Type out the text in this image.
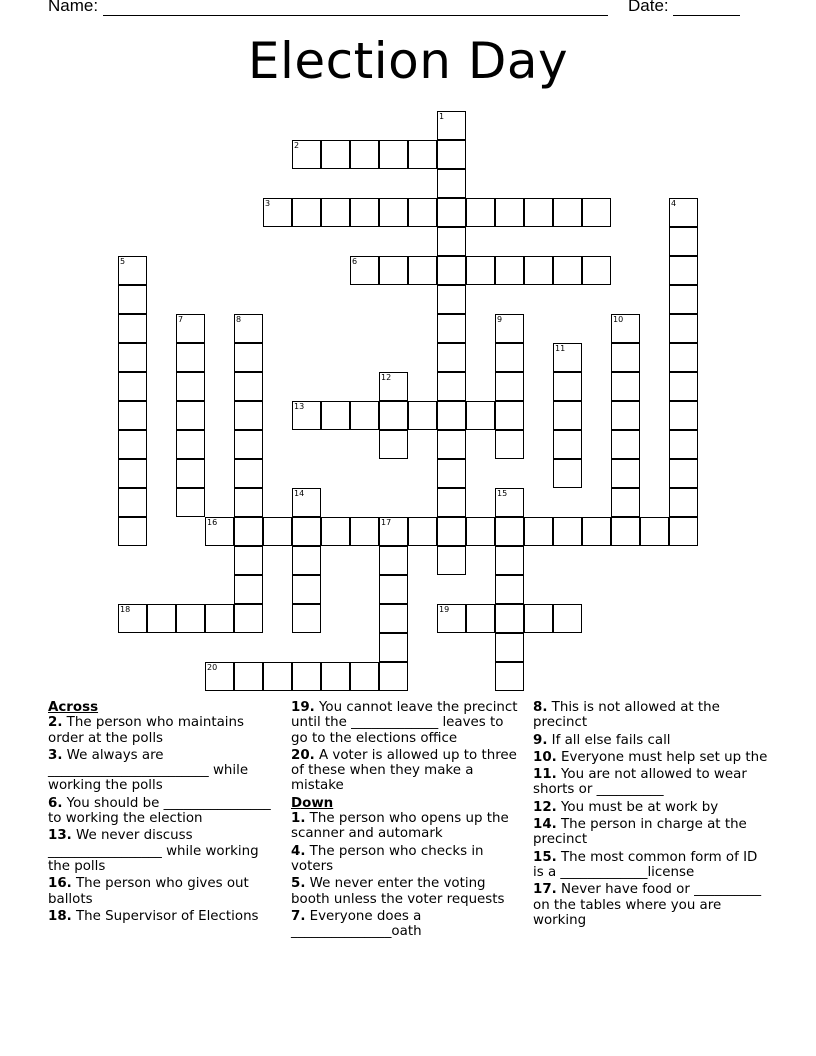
Name:	Date:
Election Day
1
2
3	4
5	6
7	8	9	10
11
12
13
14	15
16	17
18	19
20
Across
2. The person who maintains order at the polls
3. We always are ________________________ while working the polls
6. You should be ________________ to working the election
13. We never discuss _________________ while working the polls
16. The person who gives out ballots
18. The Supervisor of Elections
19. You cannot leave the precinct until the _____________ leaves to go to the elections office
20. A voter is allowed up to three of these when they make a mistake
Down
1. The person who opens up the scanner and automark
4. The person who checks in voters
5. We never enter the voting booth unless the voter requests
7. Everyone does a _______________oath
8. This is not allowed at the precinct
9. If all else fails call
10. Everyone must help set up the
11. You are not allowed to wear shorts or __________
12. You must be at work by
14. The person in charge at the precinct
15. The most common form of ID is a _____________license
17. Never have food or __________ on the tables where you are working
